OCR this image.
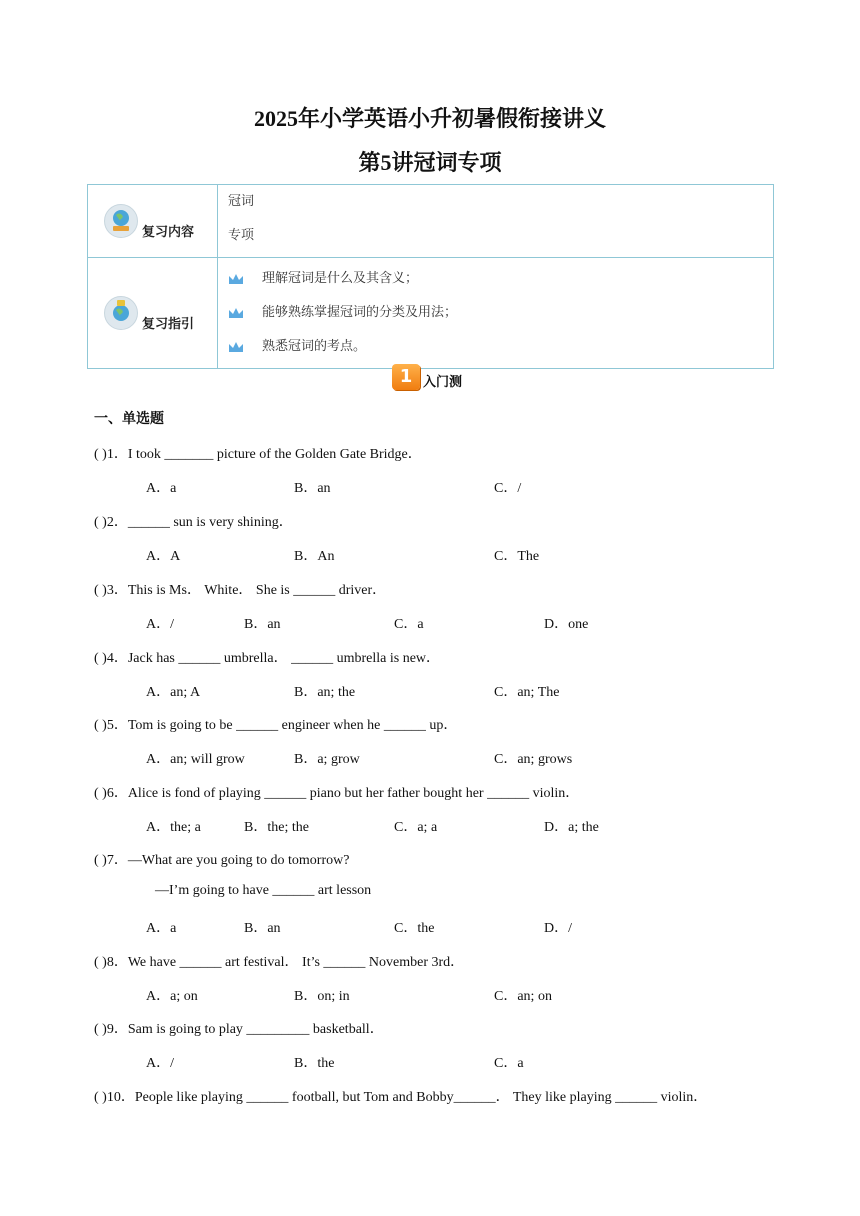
2025年小学英语小升初暑假衔接讲义
第5讲冠词专项
复习内容	冠词
专项

复习指引	理解冠词是什么及其含义；
能够熟练掌握冠词的分类及用法；
熟悉冠词的考点。
1 入门测
一、单选题
( )1．I took _______ picture of the Golden Gate Bridge．
A．a	B．an	C．/
( )2．______ sun is very shining．
A．A	B．An	C．The
( )3．This is Ms． White． She is ______ driver．
A．/	B．an	C．a	D．one
( )4．Jack has ______ umbrella． ______ umbrella is new．
A．an; A	B．an; the	C．an; The
( )5．Tom is going to be ______ engineer when he ______ up．
A．an; will grow	B．a; grow	C．an; grows
( )6．Alice is fond of playing ______ piano but her father bought her ______ violin．
A．the; a	B．the; the	C．a; a	D．a; the
( )7．—What are you going to do tomorrow?
—I’m going to have ______ art lesson
A．a	B．an	C．the	D．/
( )8．We have ______ art festival． It’s ______ November 3rd．
A．a; on	B．on; in	C．an; on
( )9．Sam is going to play _________ basketball．
A．/	B．the	C．a
( )10．People like playing ______ football, but Tom and Bobby______． They like playing ______ violin．
